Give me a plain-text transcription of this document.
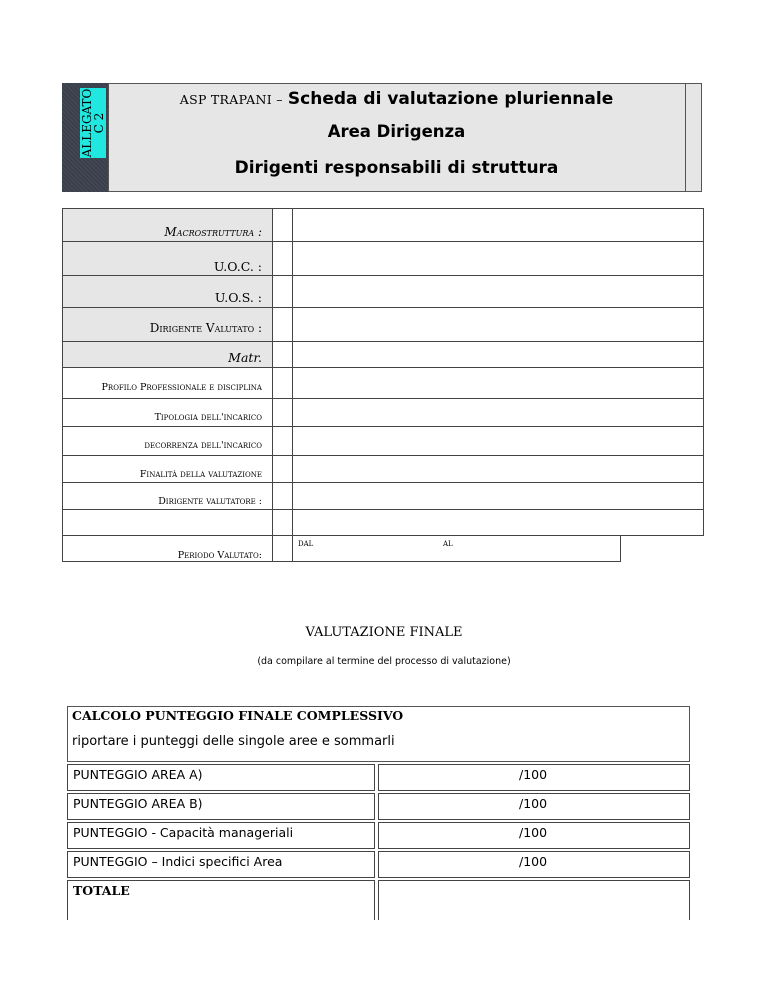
ALLEGATO
C 2
ASP TRAPANI – Scheda di valutazione pluriennale
Area Dirigenza
Dirigenti responsabili di struttura
Macrostruttura :
U.O.C. :
U.O.S. :
Dirigente Valutato :
Matr.
Profilo Professionale e disciplina
Tipologia dell'incarico
decorrenza dell'incarico
Finalità della valutazione
Dirigente valutatore :
Periodo Valutato:
dal	al
VALUTAZIONE FINALE
(da compilare al termine del processo di valutazione)
CALCOLO PUNTEGGIO FINALE COMPLESSIVO
riportare i punteggi delle singole aree e sommarli
PUNTEGGIO AREA A)	/100
PUNTEGGIO AREA B)	/100
PUNTEGGIO - Capacità manageriali	/100
PUNTEGGIO – Indici specifici Area	/100
TOTALE
